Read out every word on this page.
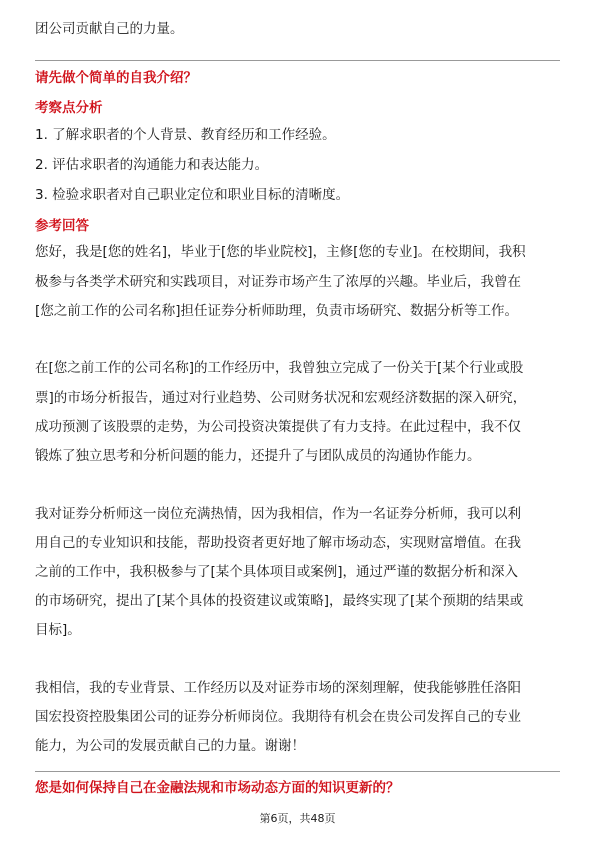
团公司贡献自己的力量。
请先做个简单的自我介绍？
考察点分析
1. 了解求职者的个人背景、教育经历和工作经验。
2. 评估求职者的沟通能力和表达能力。
3. 检验求职者对自己职业定位和职业目标的清晰度。
参考回答
您好，我是[您的姓名]，毕业于[您的毕业院校]，主修[您的专业]。在校期间，我积
极参与各类学术研究和实践项目，对证券市场产生了浓厚的兴趣。毕业后，我曾在
[您之前工作的公司名称]担任证券分析师助理，负责市场研究、数据分析等工作。
在[您之前工作的公司名称]的工作经历中，我曾独立完成了一份关于[某个行业或股
票]的市场分析报告，通过对行业趋势、公司财务状况和宏观经济数据的深入研究，
成功预测了该股票的走势，为公司投资决策提供了有力支持。在此过程中，我不仅
锻炼了独立思考和分析问题的能力，还提升了与团队成员的沟通协作能力。
我对证券分析师这一岗位充满热情，因为我相信，作为一名证券分析师，我可以利
用自己的专业知识和技能，帮助投资者更好地了解市场动态，实现财富增值。在我
之前的工作中，我积极参与了[某个具体项目或案例]，通过严谨的数据分析和深入
的市场研究，提出了[某个具体的投资建议或策略]，最终实现了[某个预期的结果或
目标]。
我相信，我的专业背景、工作经历以及对证券市场的深刻理解，使我能够胜任洛阳
国宏投资控股集团公司的证券分析师岗位。我期待有机会在贵公司发挥自己的专业
能力，为公司的发展贡献自己的力量。谢谢！
您是如何保持自己在金融法规和市场动态方面的知识更新的？
第6页，共48页
